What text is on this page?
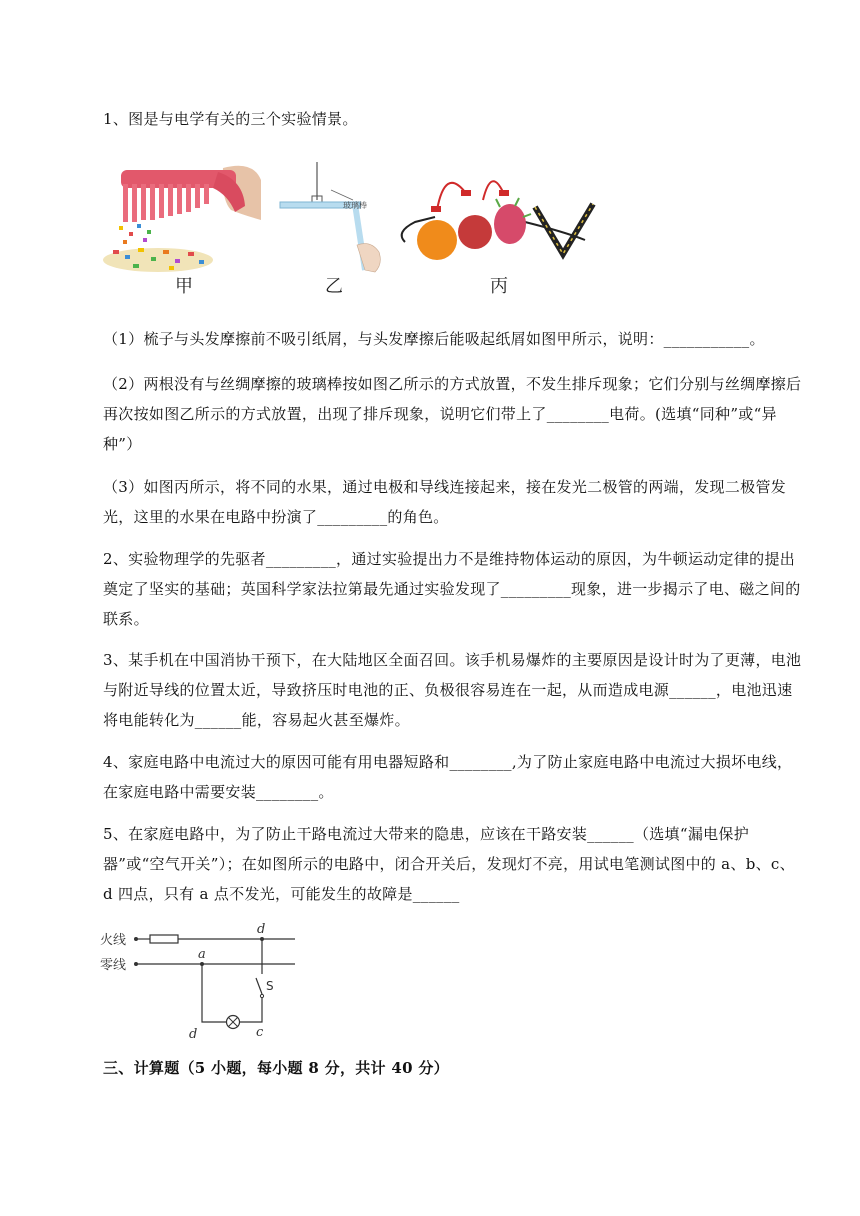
1、图是与电学有关的三个实验情景。
玻璃棒
甲	乙	丙
（1）梳子与头发摩擦前不吸引纸屑，与头发摩擦后能吸起纸屑如图甲所示，说明：___________。
（2）两根没有与丝绸摩擦的玻璃棒按如图乙所示的方式放置，不发生排斥现象；它们分别与丝绸摩擦后再次按如图乙所示的方式放置，出现了排斥现象，说明它们带上了________电荷。(选填“同种”或“异种”）
（3）如图丙所示，将不同的水果，通过电极和导线连接起来，接在发光二极管的两端，发现二极管发光，这里的水果在电路中扮演了_________的角色。
2、实验物理学的先驱者_________，通过实验提出力不是维持物体运动的原因，为牛顿运动定律的提出奠定了坚实的基础；英国科学家法拉第最先通过实验发现了_________现象，进一步揭示了电、磁之间的联系。
3、某手机在中国消协干预下，在大陆地区全面召回。该手机易爆炸的主要原因是设计时为了更薄，电池与附近导线的位置太近，导致挤压时电池的正、负极很容易连在一起，从而造成电源______，电池迅速将电能转化为______能，容易起火甚至爆炸。
4、家庭电路中电流过大的原因可能有用电器短路和________,为了防止家庭电路中电流过大损坏电线，在家庭电路中需要安装________。
5、在家庭电路中，为了防止干路电流过大带来的隐患，应该在干路安装______（选填“漏电保护器”或“空气开关”）；在如图所示的电路中，闭合开关后，发现灯不亮，用试电笔测试图中的 a、b、c、d 四点，只有 a 点不发光，可能发生的故障是______
火线
零线
a
d
d	c
S
三、计算题（5 小题，每小题 8 分，共计 40 分）
